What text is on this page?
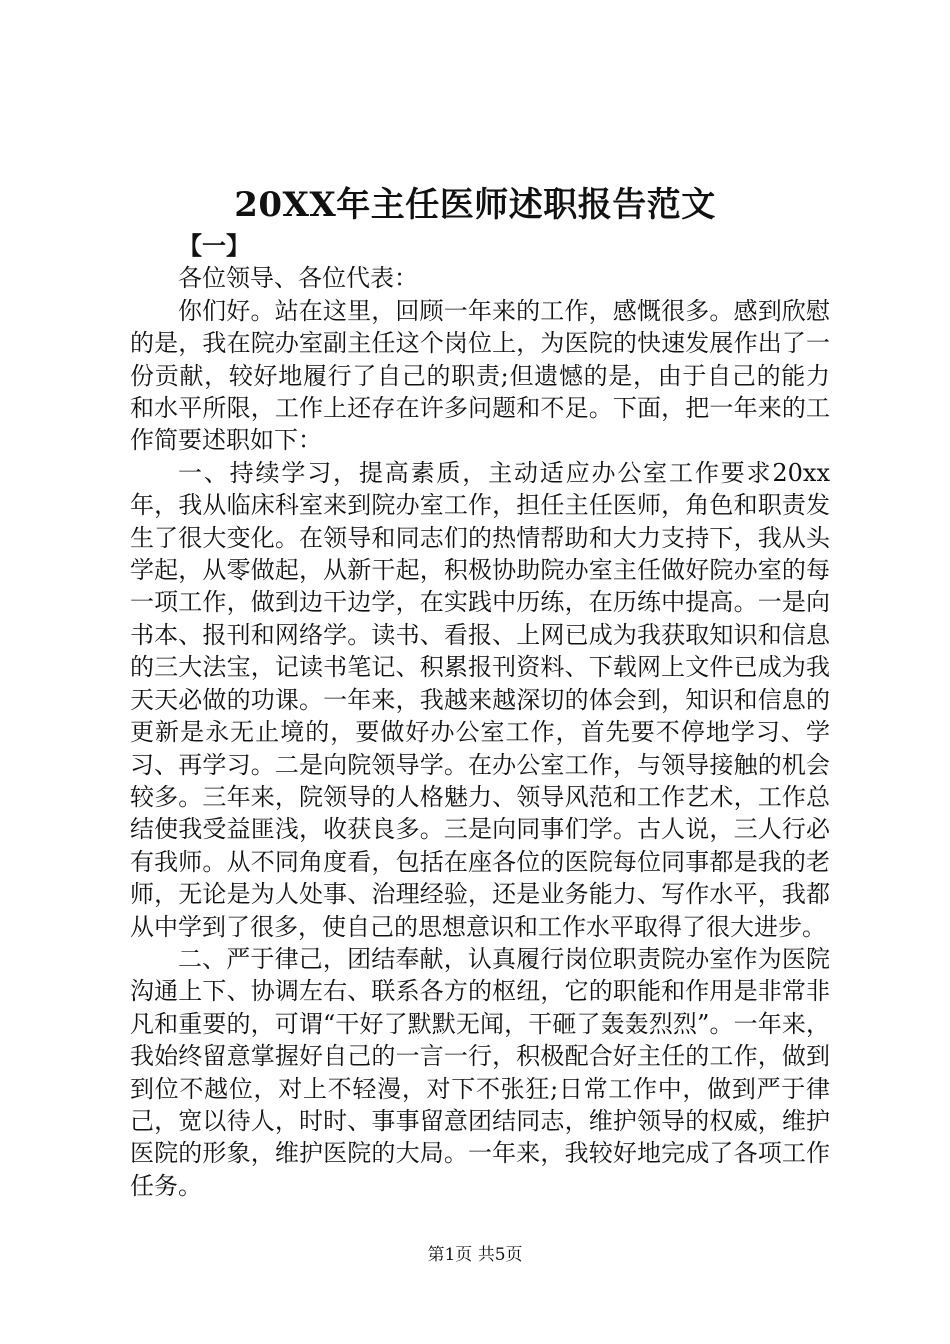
20XX年主任医师述职报告范文

【一】

各位领导、各位代表：

你们好。站在这里，回顾一年来的工作，感慨很多。感到欣慰的是，我在院办室副主任这个岗位上，为医院的快速发展作出了一份贡献，较好地履行了自己的职责;但遗憾的是，由于自己的能力和水平所限，工作上还存在许多问题和不足。下面，把一年来的工作简要述职如下：

一、持续学习，提高素质，主动适应办公室工作要求20xx年，我从临床科室来到院办室工作，担任主任医师，角色和职责发生了很大变化。在领导和同志们的热情帮助和大力支持下，我从头学起，从零做起，从新干起，积极协助院办室主任做好院办室的每一项工作，做到边干边学，在实践中历练，在历练中提高。一是向书本、报刊和网络学。读书、看报、上网已成为我获取知识和信息的三大法宝，记读书笔记、积累报刊资料、下载网上文件已成为我天天必做的功课。一年来，我越来越深切的体会到，知识和信息的更新是永无止境的，要做好办公室工作，首先要不停地学习、学习、再学习。二是向院领导学。在办公室工作，与领导接触的机会较多。三年来，院领导的人格魅力、领导风范和工作艺术，工作总结使我受益匪浅，收获良多。三是向同事们学。古人说，三人行必有我师。从不同角度看，包括在座各位的医院每位同事都是我的老师，无论是为人处事、治理经验，还是业务能力、写作水平，我都从中学到了很多，使自己的思想意识和工作水平取得了很大进步。

二、严于律己，团结奉献，认真履行岗位职责院办室作为医院沟通上下、协调左右、联系各方的枢纽，它的职能和作用是非常非凡和重要的，可谓“干好了默默无闻，干砸了轰轰烈烈”。一年来，我始终留意掌握好自己的一言一行，积极配合好主任的工作，做到到位不越位，对上不轻漫，对下不张狂;日常工作中，做到严于律己，宽以待人，时时、事事留意团结同志，维护领导的权威，维护医院的形象，维护医院的大局。一年来，我较好地完成了各项工作任务。

第1页 共5页
